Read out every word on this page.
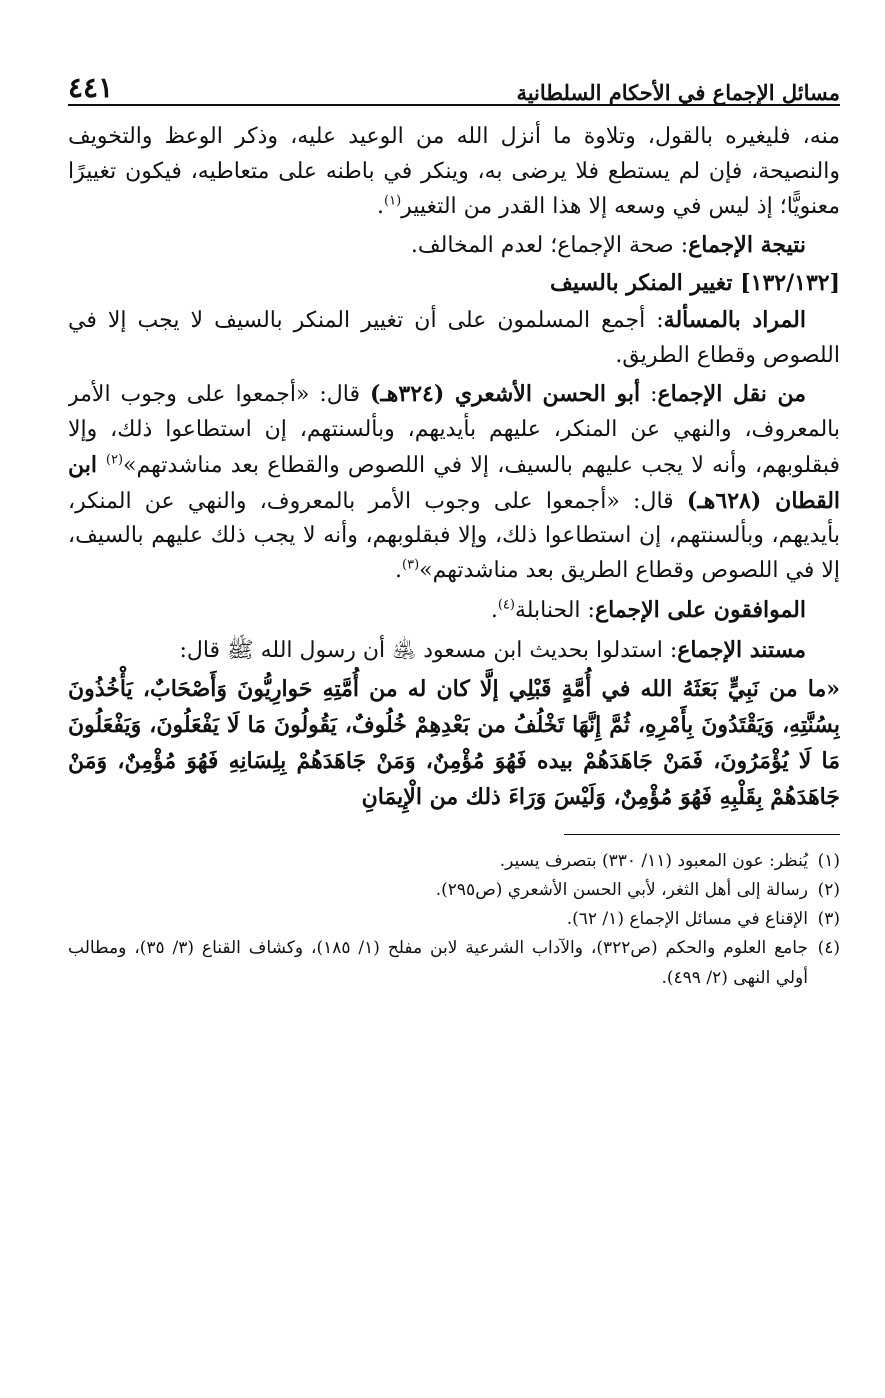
مسائل الإجماع في الأحكام السلطانية
٤٤١

منه، فليغيره بالقول، وتلاوة ما أنزل الله من الوعيد عليه، وذكر الوعظ والتخويف والنصيحة، فإن لم يستطع فلا يرضى به، وينكر في باطنه على متعاطيه، فيكون تغييرًا معنويًّا؛ إذ ليس في وسعه إلا هذا القدر من التغيير$^{(١)}$.

نتيجة الإجماع: صحة الإجماع؛ لعدم المخالف.

[١٣٢/١٣٢] تغيير المنكر بالسيف

المراد بالمسألة: أجمع المسلمون على أن تغيير المنكر بالسيف لا يجب إلا في اللصوص وقطاع الطريق.

من نقل الإجماع: أبو الحسن الأشعري (٣٢٤هـ) قال: «أجمعوا على وجوب الأمر بالمعروف، والنهي عن المنكر، عليهم بأيديهم، وبألسنتهم، إن استطاعوا ذلك، وإلا فبقلوبهم، وأنه لا يجب عليهم بالسيف، إلا في اللصوص والقطاع بعد مناشدتهم»$^{(٢)}$ ابن القطان (٦٢٨هـ) قال: «أجمعوا على وجوب الأمر بالمعروف، والنهي عن المنكر، بأيديهم، وبألسنتهم، إن استطاعوا ذلك، وإلا فبقلوبهم، وأنه لا يجب ذلك عليهم بالسيف، إلا في اللصوص وقطاع الطريق بعد مناشدتهم»$^{(٣)}$.

الموافقون على الإجماع: الحنابلة$^{(٤)}$.

مستند الإجماع: استدلوا بحديث ابن مسعود ﵁ أن رسول الله ﷺ قال:

«ما من نَبِيٍّ بَعَثَهُ الله في أُمَّةٍ قَبْلِي إلَّا كان له من أُمَّتِهِ حَوارِيُّونَ وَأَصْحَابٌ، يَأْخُذُونَ بِسُنَّتِهِ، وَيَقْتَدُونَ بِأَمْرِهِ، ثُمَّ إِنَّهَا تَخْلُفُ من بَعْدِهِمْ خُلُوفٌ، يَقُولُونَ مَا لَا يَفْعَلُونَ، وَيَفْعَلُونَ مَا لَا يُؤْمَرُونَ، فَمَنْ جَاهَدَهُمْ بيده فَهُوَ مُؤْمِنٌ، وَمَنْ جَاهَدَهُمْ بِلِسَانِهِ فَهُوَ مُؤْمِنٌ، وَمَنْ جَاهَدَهُمْ بِقَلْبِهِ فَهُوَ مُؤْمِنٌ، وَلَيْسَ وَرَاءَ ذلك من الْإِيمَانِ

(١)
يُنظر: عون المعبود (١١/ ٣٣٠) بتصرف يسير.
(٢)
رسالة إلى أهل الثغر، لأبي الحسن الأشعري (ص٢٩٥).
(٣)
الإقناع في مسائل الإجماع (١/ ٦٢).
(٤)
جامع العلوم والحكم (ص٣٢٢)، والآداب الشرعية لابن مفلح (١/ ١٨٥)، وكشاف القناع (٣/ ٣٥)، ومطالب أولي النهى (٢/ ٤٩٩).
